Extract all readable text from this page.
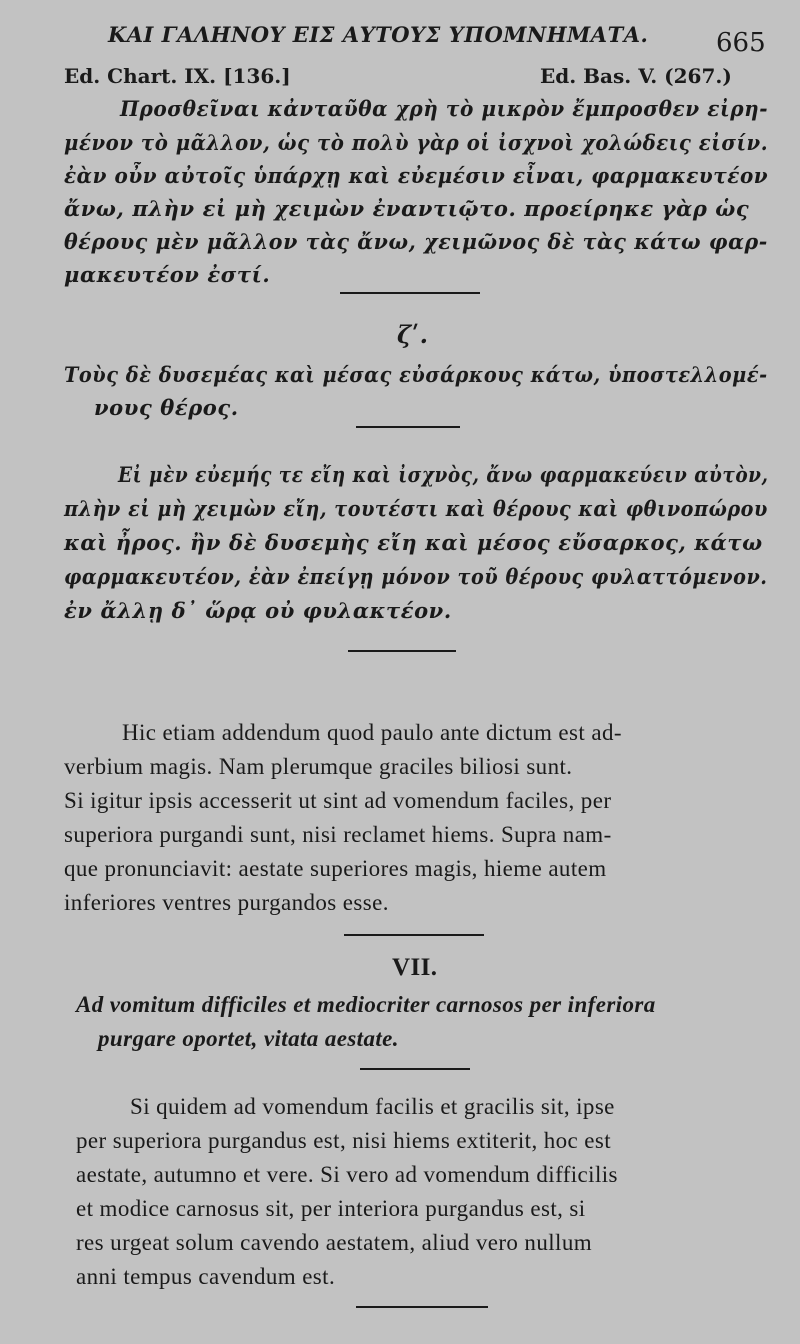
ΚΑΙ ΓΑΛΗΝΟΥ ΕΙΣ ΑΥΤΟΥΣ ΥΠΟΜΝΗΜΑΤΑ.	665
Ed. Chart. IX. [136.]	Ed. Bas. V. (267.)
Προσθεῖναι κἀνταῦθα χρὴ τὸ μικρὸν ἔμπροσθεν εἰρη-
μένον τὸ μᾶλλον, ὡς τὸ πολὺ γὰρ οἱ ἰσχνοὶ χολώδεις εἰσίν.
ἐὰν οὖν αὐτοῖς ὑπάρχῃ καὶ εὐεμέσιν εἶναι, φαρμακευτέον
ἄνω, πλὴν εἰ μὴ χειμὼν ἐναντιῷτο. προείρηκε γὰρ ὡς
θέρους μὲν μᾶλλον τὰς ἄνω, χειμῶνος δὲ τὰς κάτω φαρ-
μακευτέον ἐστί.
ζʹ.
Τοὺς δὲ δυσεμέας καὶ μέσας εὐσάρκους κάτω, ὑποστελλομέ-
νους θέρος.
Εἰ μὲν εὐεμής τε εἴη καὶ ἰσχνὸς, ἄνω φαρμακεύειν αὐτὸν,
πλὴν εἰ μὴ χειμὼν εἴη, τουτέστι καὶ θέρους καὶ φθινοπώρου
καὶ ἦρος. ἢν δὲ δυσεμὴς εἴη καὶ μέσος εὔσαρκος, κάτω
φαρμακευτέον, ἐὰν ἐπείγῃ μόνον τοῦ θέρους φυλαττόμενον.
ἐν ἄλλῃ δ᾽ ὥρᾳ οὐ φυλακτέον.
Hic etiam addendum quod paulo ante dictum est ad-
verbium magis. Nam plerumque graciles biliosi sunt.
Si igitur ipsis accesserit ut sint ad vomendum faciles, per
superiora purgandi sunt, nisi reclamet hiems. Supra nam-
que pronunciavit: aestate superiores magis, hieme autem
inferiores ventres purgandos esse.
VII.
Ad vomitum difficiles et mediocriter carnosos per inferiora
purgare oportet, vitata aestate.
Si quidem ad vomendum facilis et gracilis sit, ipse
per superiora purgandus est, nisi hiems extiterit, hoc est
aestate, autumno et vere. Si vero ad vomendum difficilis
et modice carnosus sit, per interiora purgandus est, si
res urgeat solum cavendo aestatem, aliud vero nullum
anni tempus cavendum est.
